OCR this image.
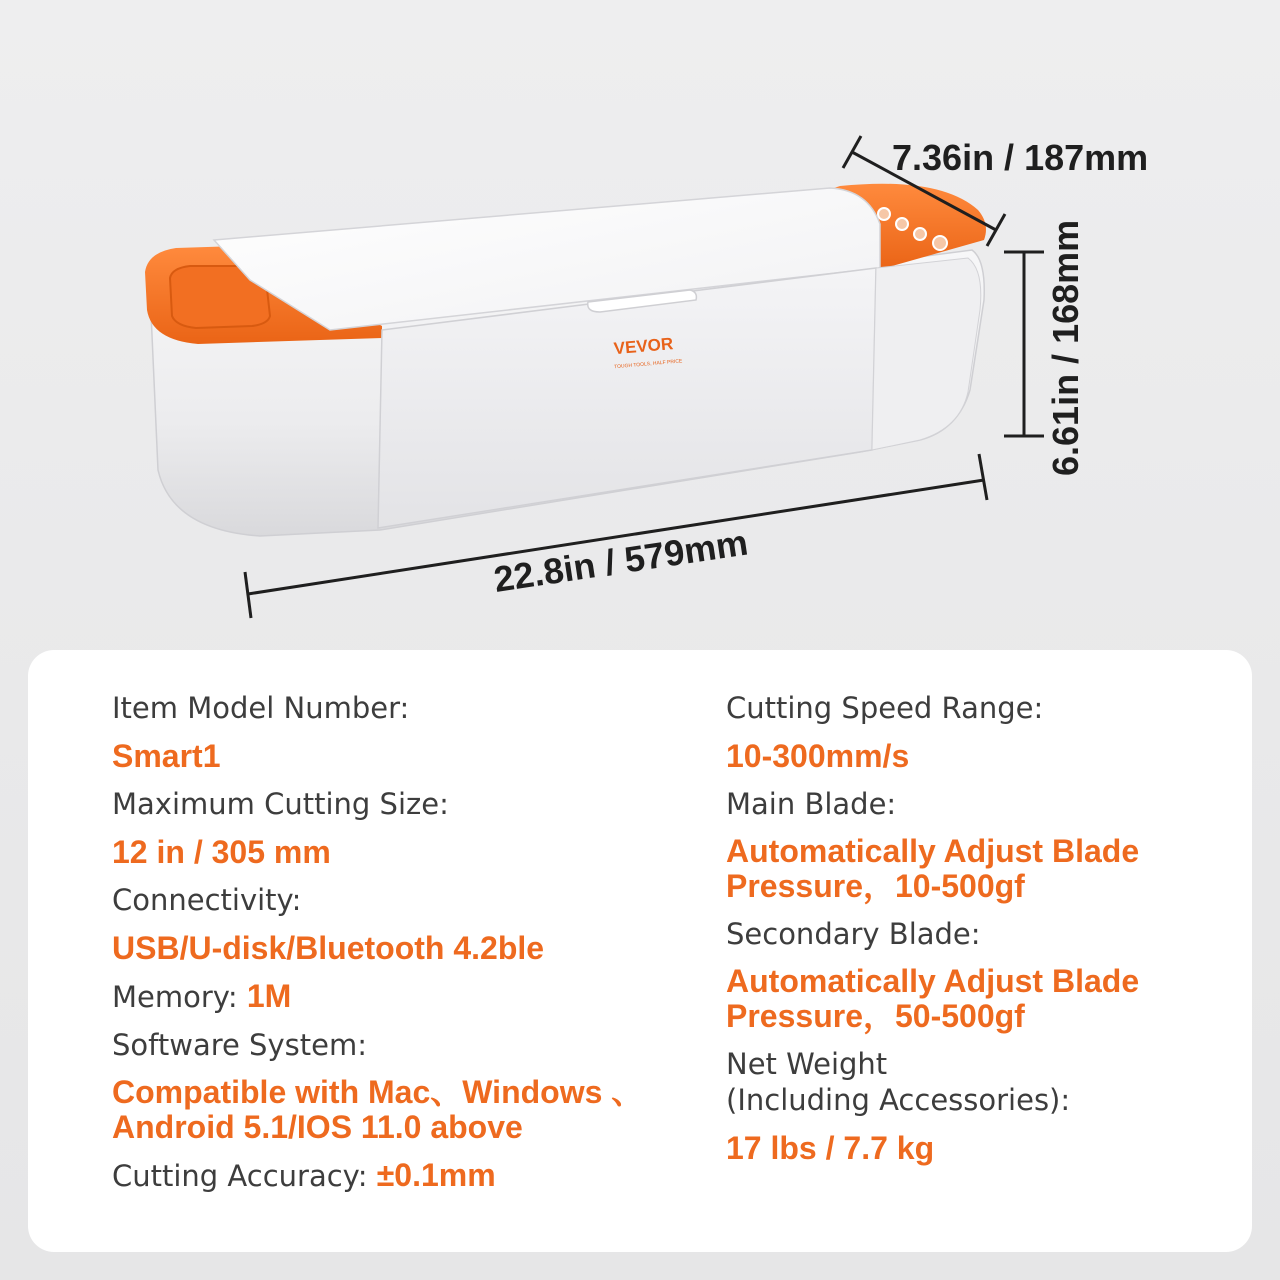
VEVOR
TOUGH TOOLS, HALF PRICE
7.36in / 187mm
6.61in / 168mm
22.8in / 579mm
Item Model Number:
Smart1
Maximum Cutting Size:
12 in / 305 mm
Connectivity:
USB/U-disk/Bluetooth 4.2ble
Memory: 1M
Software System:
Compatible with Mac、Windows 、
Android 5.1/IOS 11.0 above
Cutting Accuracy: ±0.1mm
Cutting Speed Range:
10-300mm/s
Main Blade:
Automatically Adjust Blade
Pressure，10-500gf
Secondary Blade:
Automatically Adjust Blade
Pressure，50-500gf
Net Weight
(Including Accessories):
17 lbs / 7.7 kg
